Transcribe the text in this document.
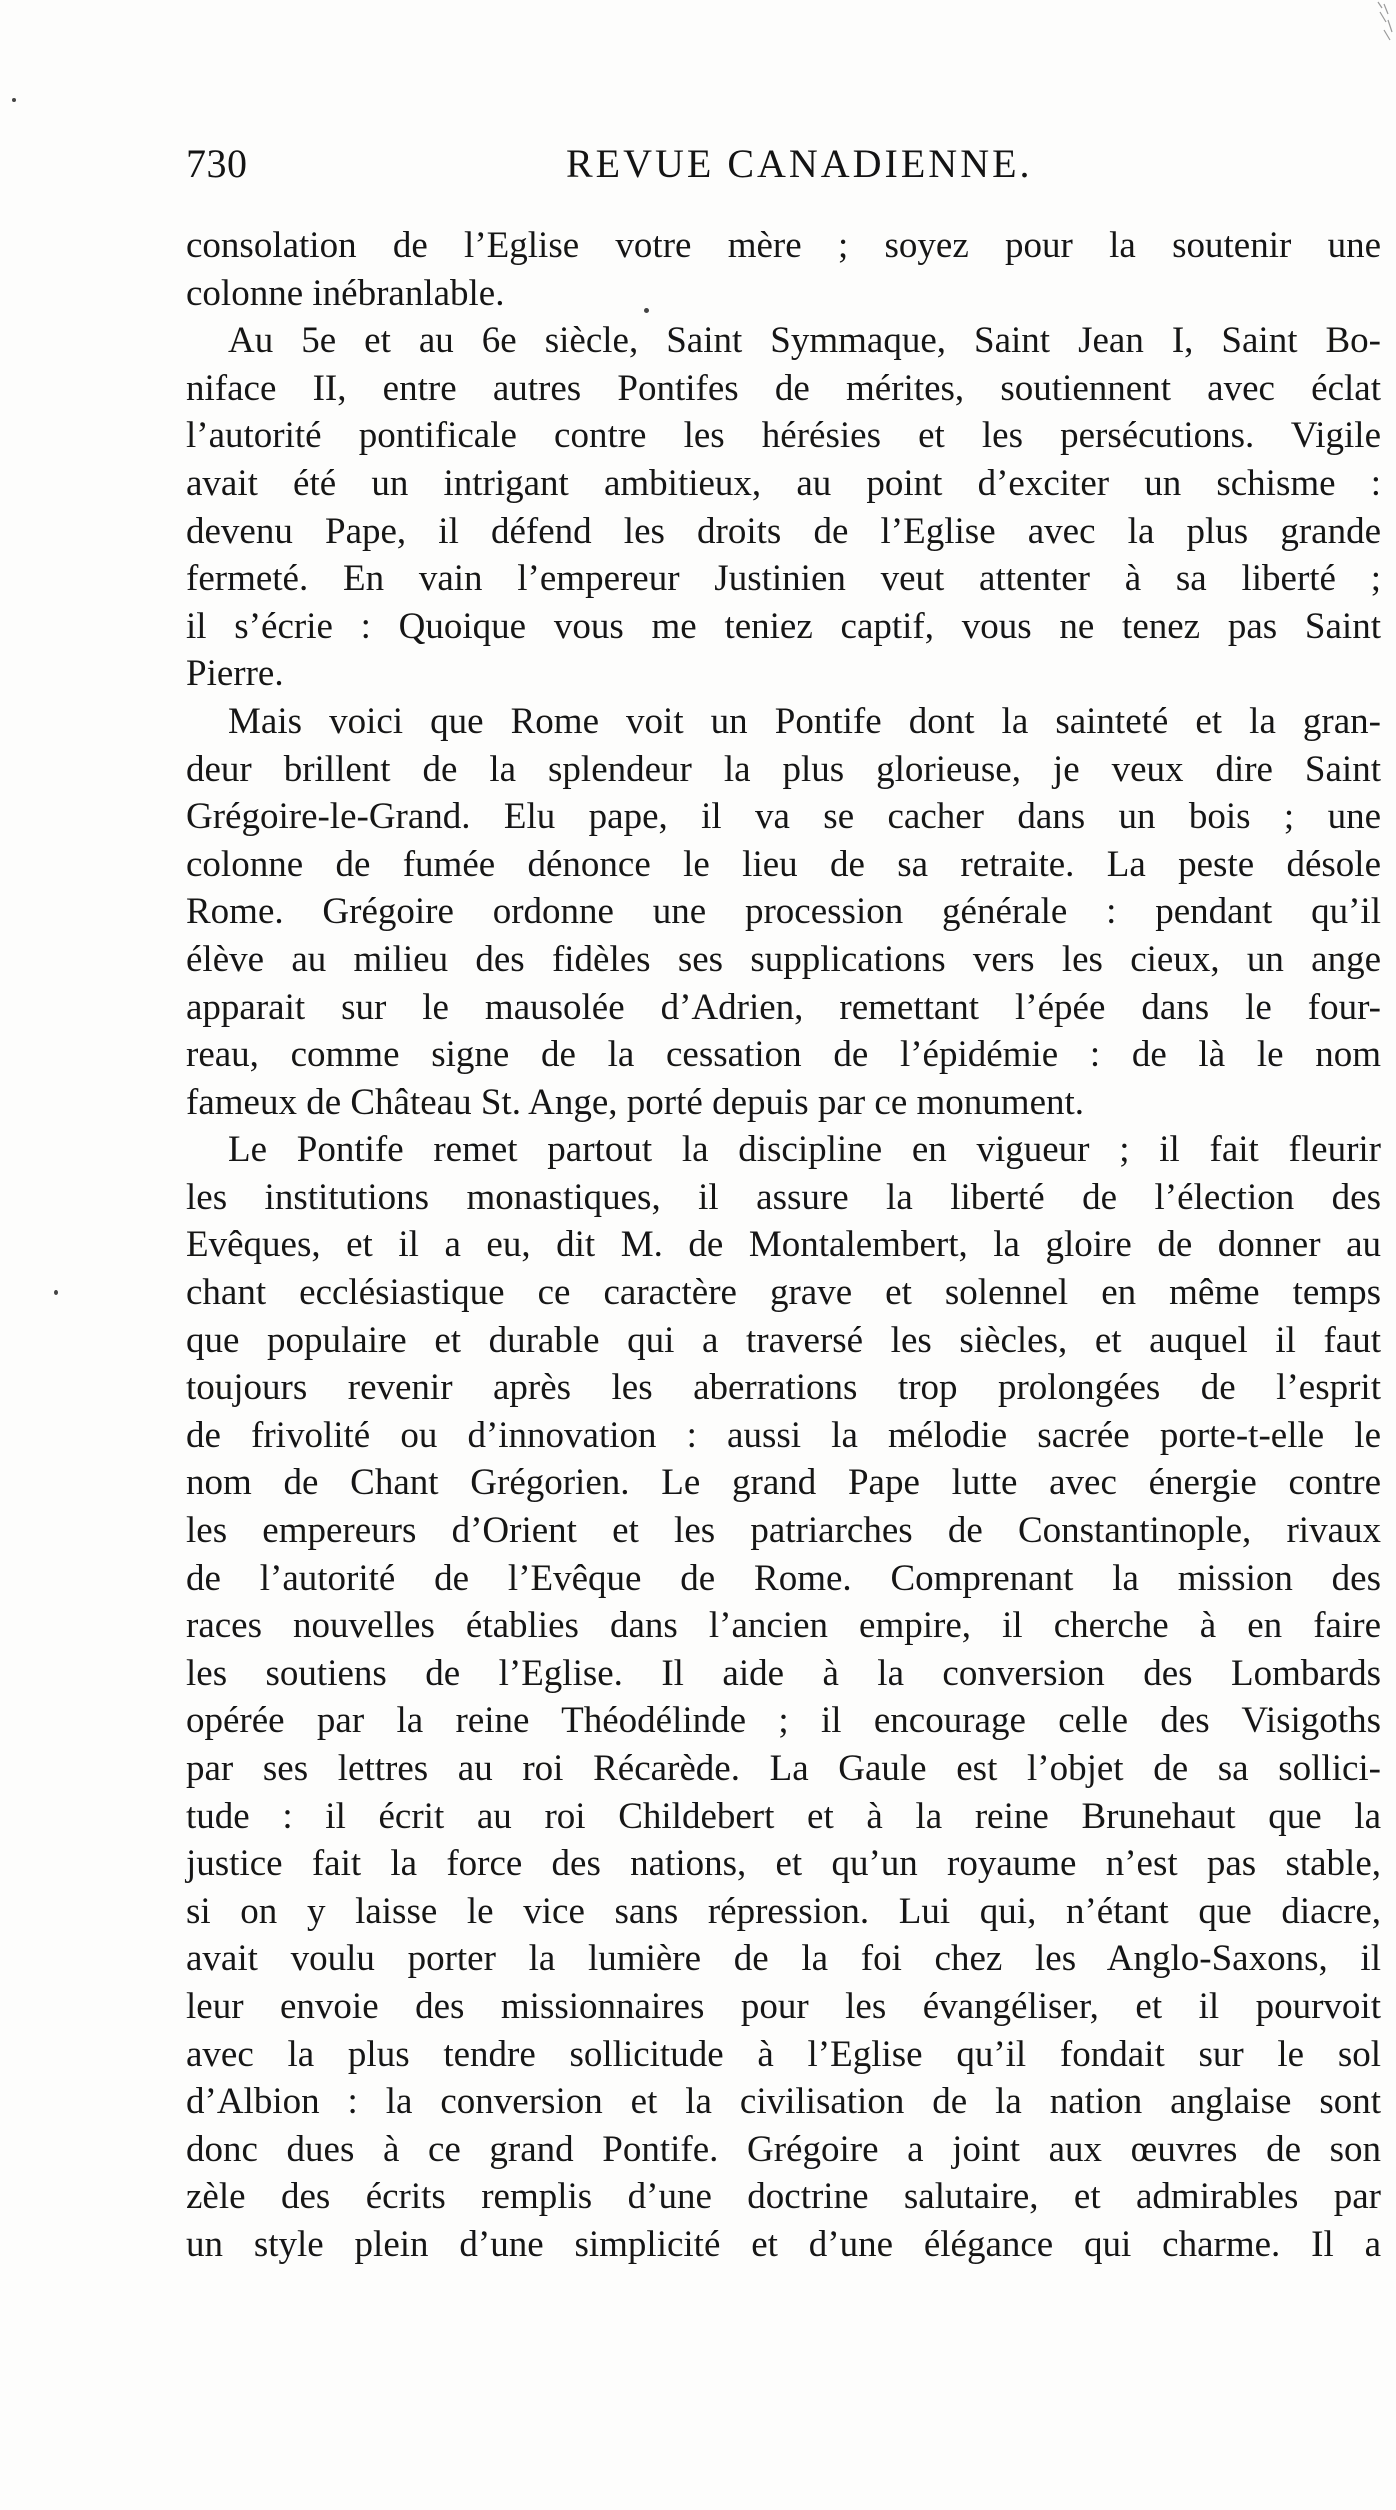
730	REVUE CANADIENNE.
consolation de l’Eglise votre mère ; soyez pour la soutenir une
colonne inébranlable.
Au 5e et au 6e siècle, Saint Symmaque, Saint Jean I, Saint Bo-
niface II, entre autres Pontifes de mérites, soutiennent avec éclat
l’autorité pontificale contre les hérésies et les persécutions. Vigile
avait été un intrigant ambitieux, au point d’exciter un schisme :
devenu Pape, il défend les droits de l’Eglise avec la plus grande
fermeté. En vain l’empereur Justinien veut attenter à sa liberté ;
il s’écrie : Quoique vous me teniez captif, vous ne tenez pas Saint
Pierre.
Mais voici que Rome voit un Pontife dont la sainteté et la gran-
deur brillent de la splendeur la plus glorieuse, je veux dire Saint
Grégoire-le-Grand. Elu pape, il va se cacher dans un bois ; une
colonne de fumée dénonce le lieu de sa retraite. La peste désole
Rome. Grégoire ordonne une procession générale : pendant qu’il
élève au milieu des fidèles ses supplications vers les cieux, un ange
apparait sur le mausolée d’Adrien, remettant l’épée dans le four-
reau, comme signe de la cessation de l’épidémie : de là le nom
fameux de Château St. Ange, porté depuis par ce monument.
Le Pontife remet partout la discipline en vigueur ; il fait fleurir
les institutions monastiques, il assure la liberté de l’élection des
Evêques, et il a eu, dit M. de Montalembert, la gloire de donner au
chant ecclésiastique ce caractère grave et solennel en même temps
que populaire et durable qui a traversé les siècles, et auquel il faut
toujours revenir après les aberrations trop prolongées de l’esprit
de frivolité ou d’innovation : aussi la mélodie sacrée porte-t-elle le
nom de Chant Grégorien. Le grand Pape lutte avec énergie contre
les empereurs d’Orient et les patriarches de Constantinople, rivaux
de l’autorité de l’Evêque de Rome. Comprenant la mission des
races nouvelles établies dans l’ancien empire, il cherche à en faire
les soutiens de l’Eglise. Il aide à la conversion des Lombards
opérée par la reine Théodélinde ; il encourage celle des Visigoths
par ses lettres au roi Récarède. La Gaule est l’objet de sa sollici-
tude : il écrit au roi Childebert et à la reine Brunehaut que la
justice fait la force des nations, et qu’un royaume n’est pas stable,
si on y laisse le vice sans répression. Lui qui, n’étant que diacre,
avait voulu porter la lumière de la foi chez les Anglo-Saxons, il
leur envoie des missionnaires pour les évangéliser, et il pourvoit
avec la plus tendre sollicitude à l’Eglise qu’il fondait sur le sol
d’Albion : la conversion et la civilisation de la nation anglaise sont
donc dues à ce grand Pontife. Grégoire a joint aux œuvres de son
zèle des écrits remplis d’une doctrine salutaire, et admirables par
un style plein d’une simplicité et d’une élégance qui charme. Il a
